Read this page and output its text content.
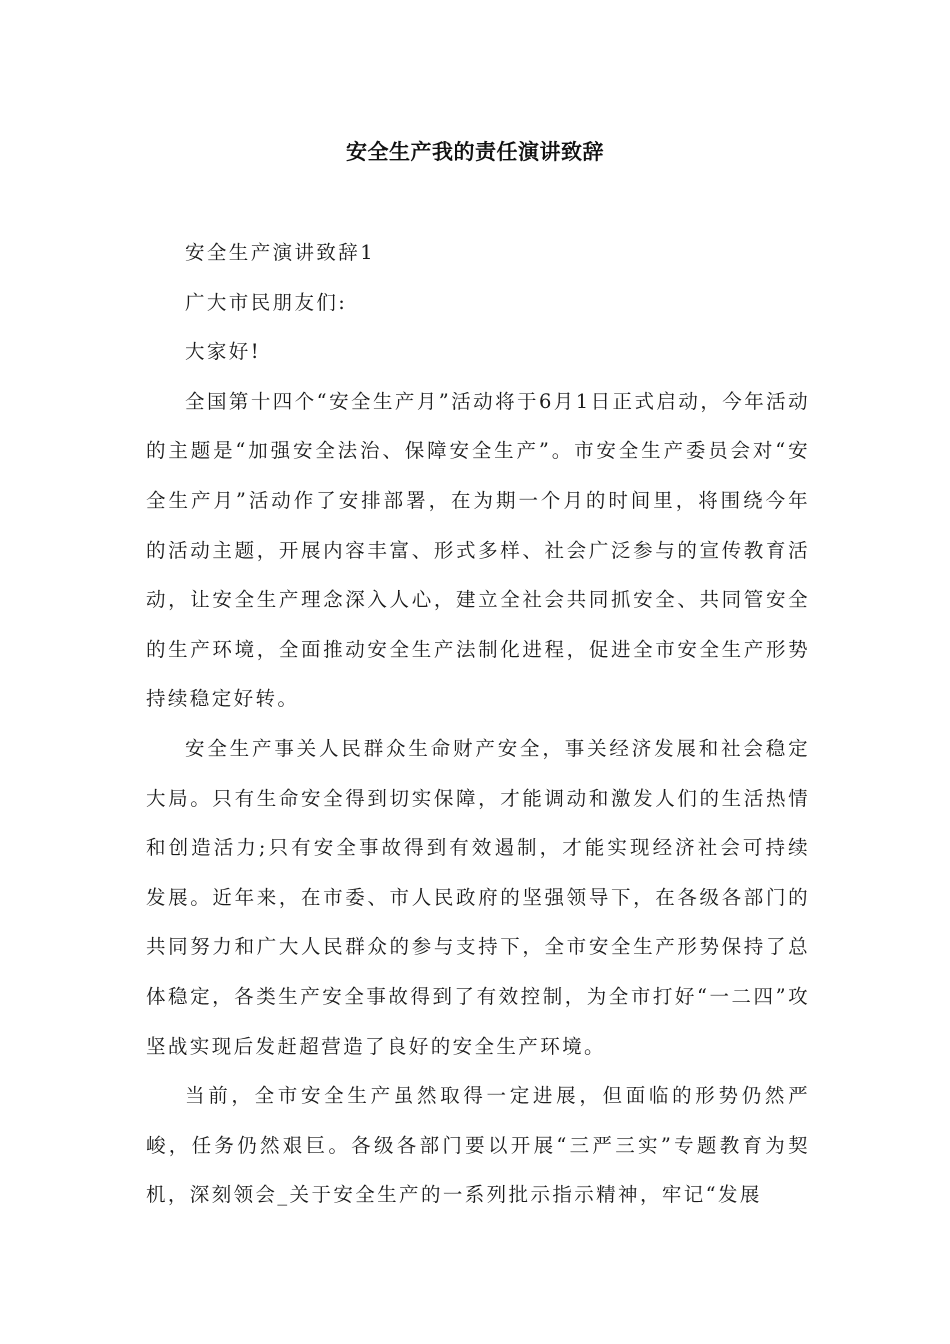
安全生产我的责任演讲致辞

安全生产演讲致辞1

广大市民朋友们:

大家好!

全国第十四个“安全生产月”活动将于6月1日正式启动，今年活动的主题是“加强安全法治、保障安全生产”。市安全生产委员会对“安全生产月”活动作了安排部署，在为期一个月的时间里，将围绕今年的活动主题，开展内容丰富、形式多样、社会广泛参与的宣传教育活动，让安全生产理念深入人心，建立全社会共同抓安全、共同管安全的生产环境，全面推动安全生产法制化进程，促进全市安全生产形势持续稳定好转。

安全生产事关人民群众生命财产安全，事关经济发展和社会稳定大局。只有生命安全得到切实保障，才能调动和激发人们的生活热情和创造活力;只有安全事故得到有效遏制，才能实现经济社会可持续发展。近年来，在市委、市人民政府的坚强领导下，在各级各部门的共同努力和广大人民群众的参与支持下，全市安全生产形势保持了总体稳定，各类生产安全事故得到了有效控制，为全市打好“一二四”攻坚战实现后发赶超营造了良好的安全生产环境。

当前，全市安全生产虽然取得一定进展，但面临的形势仍然严峻，任务仍然艰巨。各级各部门要以开展“三严三实”专题教育为契机，深刻领会_关于安全生产的一系列批示指示精神，牢记“发展
